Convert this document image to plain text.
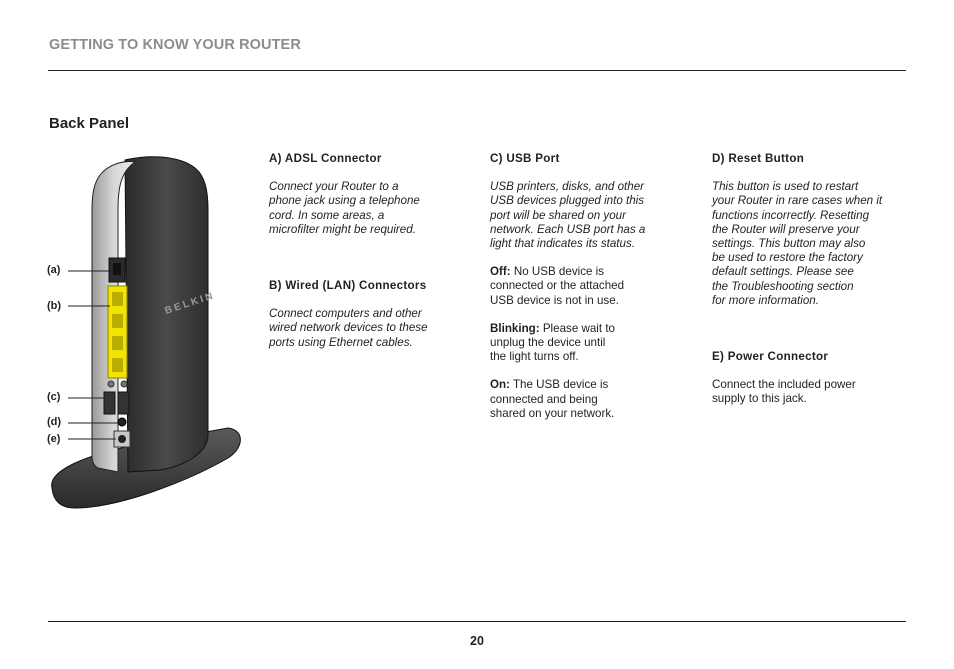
GETTING TO KNOW YOUR ROUTER
Back Panel
BELKIN
(a)
(b)
(c)
(d)
(e)
A) ADSL Connector

Connect your Router to a

phone jack using a telephone

cord. In some areas, a

microfilter might be required.

B) Wired (LAN) Connectors

Connect computers and other

wired network devices to these

ports using Ethernet cables.

C) USB Port

USB printers, disks, and other

USB devices plugged into this

port will be shared on your

network. Each USB port has a

light that indicates its status.

Off: No USB device is

connected or the attached

USB device is not in use.

Blinking: Please wait to

unplug the device until

the light turns off.

On: The USB device is

connected and being

shared on your network.

D) Reset Button

This button is used to restart

your Router in rare cases when it

functions incorrectly. Resetting

the Router will preserve your

settings. This button may also

be used to restore the factory

default settings. Please see

the Troubleshooting section

for more information.

E) Power Connector

Connect the included power

supply to this jack.

20
